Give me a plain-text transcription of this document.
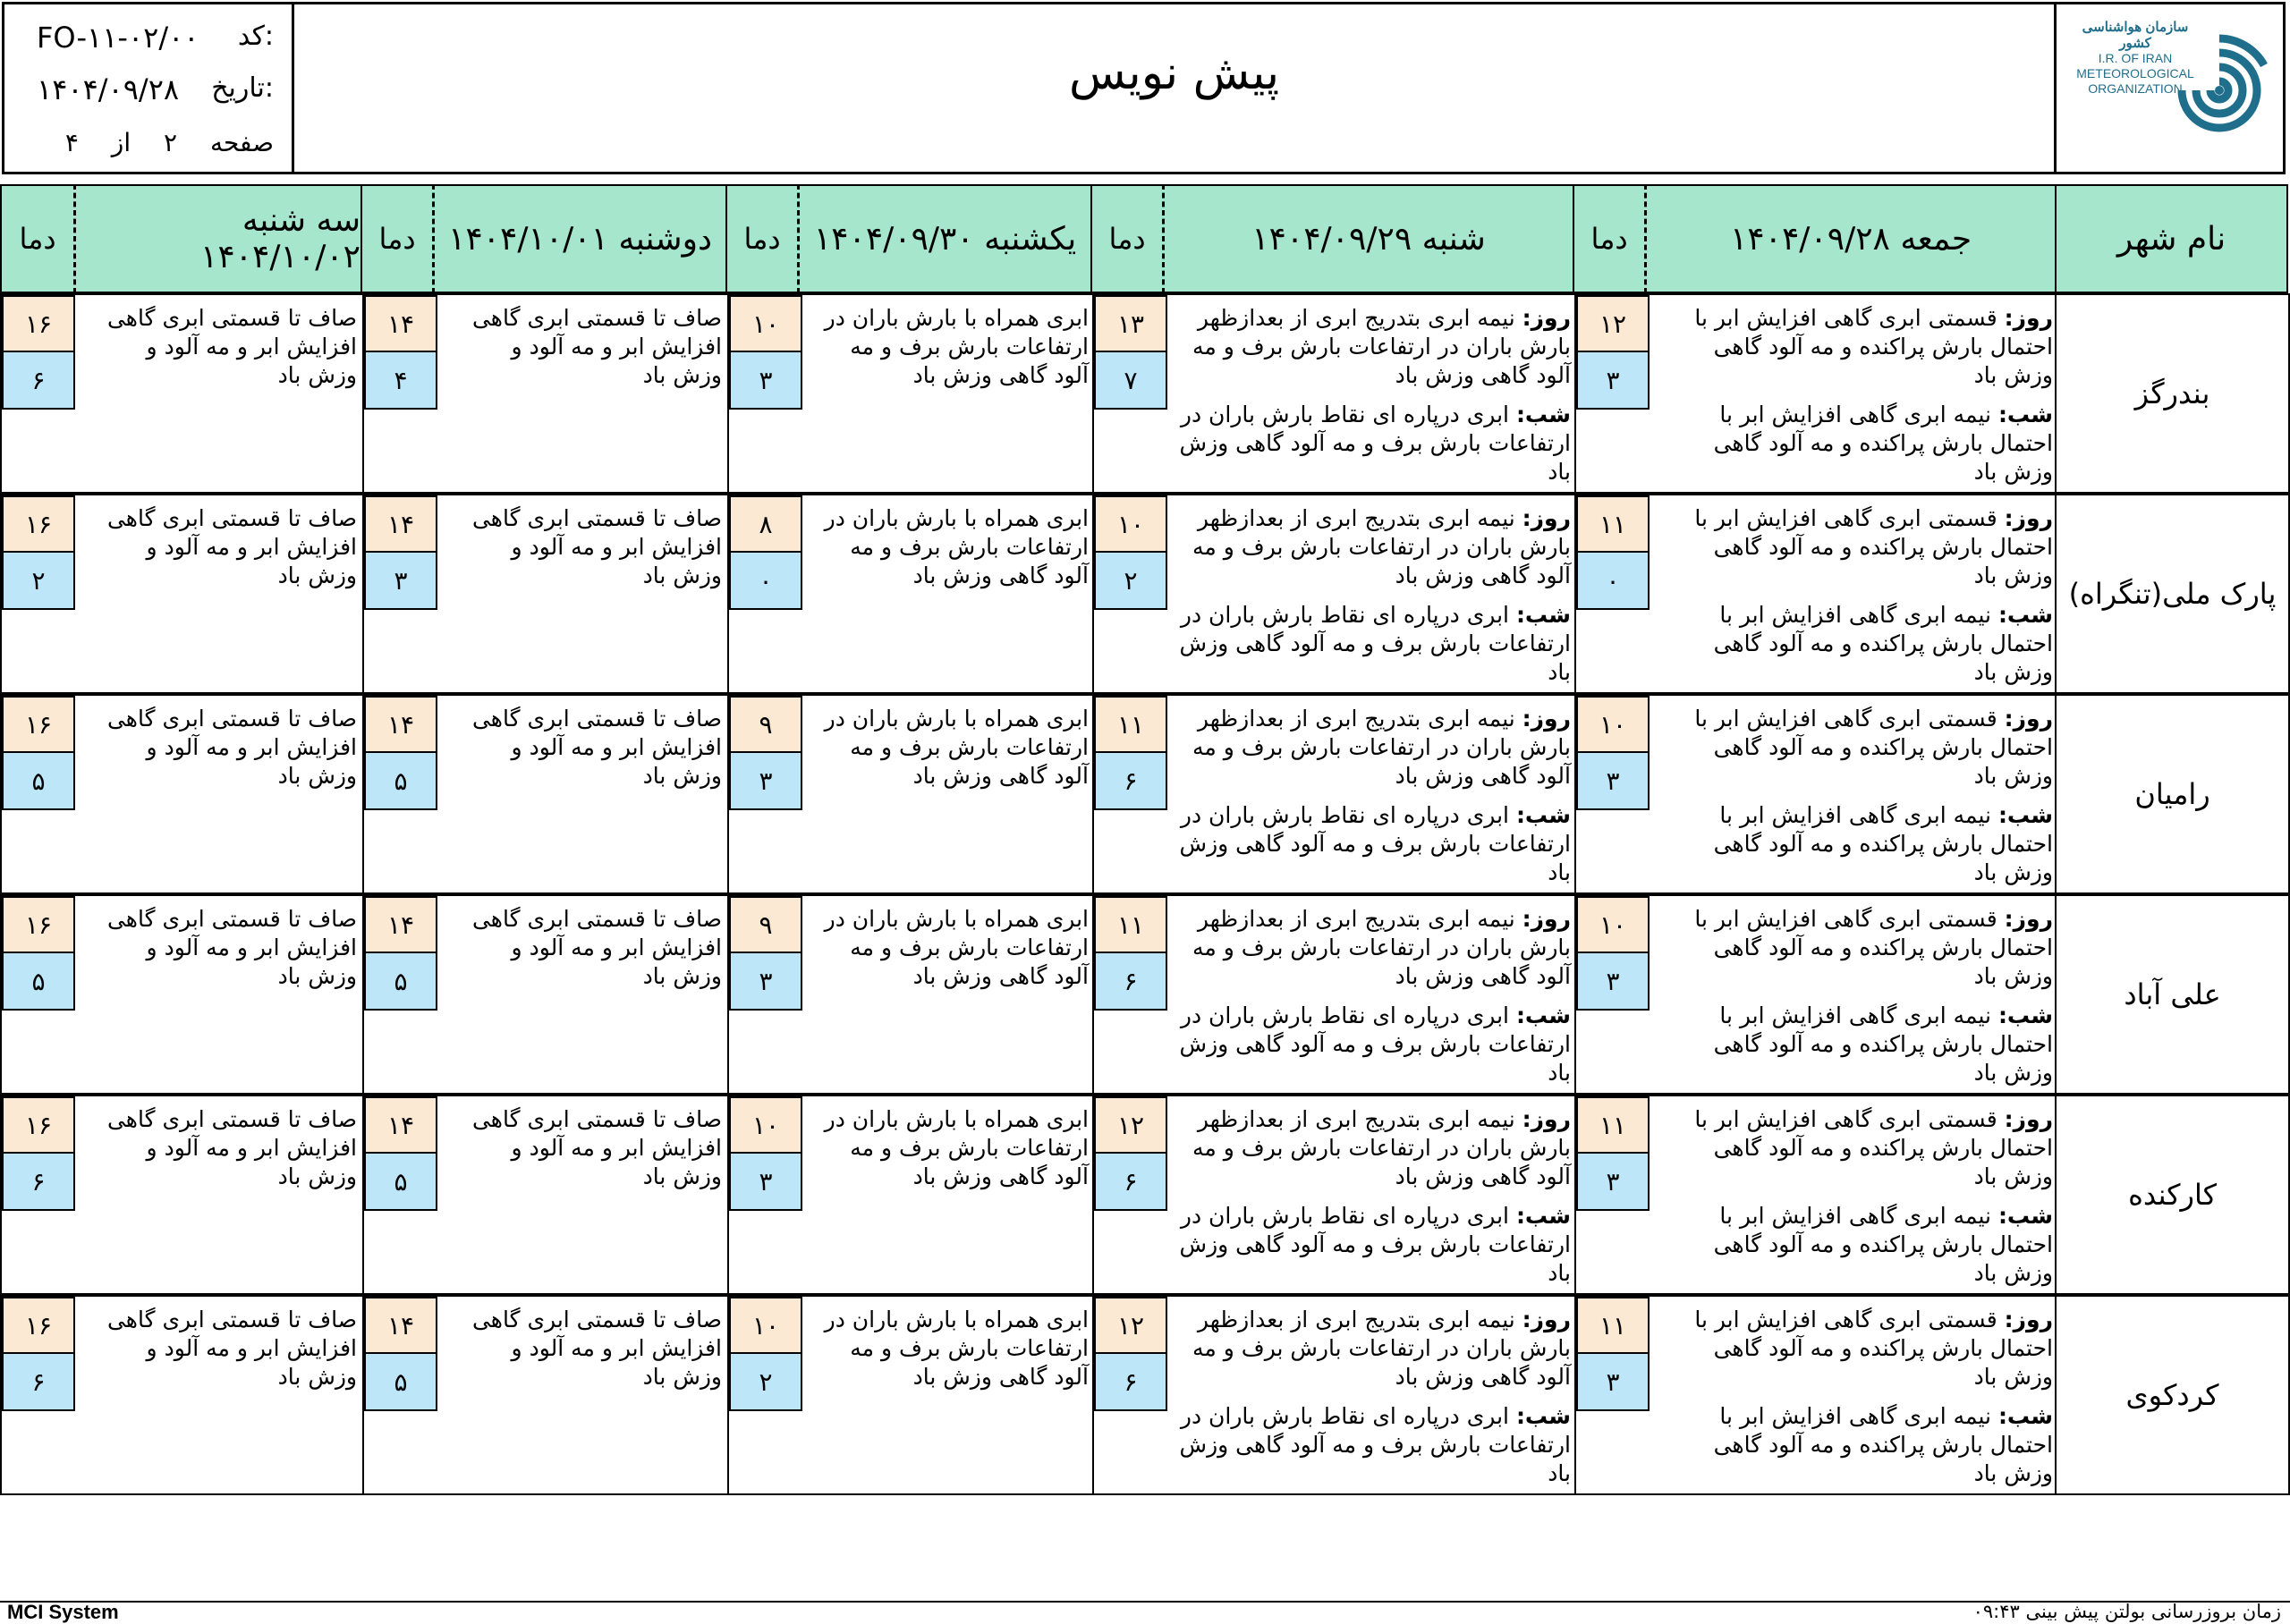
کد:
FO-۱۱-۰۲/۰۰
تاریخ:
۱۴۰۴/۰۹/۲۸
صفحه ۲ از ۴
پیش نویس
سازمان هواشناسی کشور
I.R. OF IRAN
METEOROLOGICAL
ORGANIZATION
نام شهر
جمعه ۱۴۰۴/۰۹/۲۸
دما
شنبه ۱۴۰۴/۰۹/۲۹
دما
یکشنبه ۱۴۰۴/۰۹/۳۰
دما
دوشنبه ۱۴۰۴/۱۰/۰۱
دما
سه شنبه ۱۴۰۴/۱۰/۰۲
دما
بندرگز
روز: قسمتی ابری گاهی افزایش ابر با احتمال بارش پراکنده و مه آلود گاهی وزش باد
شب: نیمه ابری گاهی افزایش ابر با احتمال بارش پراکنده و مه آلود گاهی وزش باد
۱۲
۳
روز: نیمه ابری بتدریج ابری از بعدازظهر بارش باران در ارتفاعات بارش برف و مه آلود گاهی وزش باد
شب: ابری درپاره ای نقاط بارش باران در ارتفاعات بارش برف و مه آلود گاهی وزش باد
۱۳
۷
ابری همراه با بارش باران در ارتفاعات بارش برف و مه آلود گاهی وزش باد
۱۰
۳
صاف تا قسمتی ابری گاهی افزایش ابر و مه آلود و وزش باد
۱۴
۴
صاف تا قسمتی ابری گاهی افزایش ابر و مه آلود و وزش باد
۱۶
۶
پارک ملی(تنگراه)
روز: قسمتی ابری گاهی افزایش ابر با احتمال بارش پراکنده و مه آلود گاهی وزش باد
شب: نیمه ابری گاهی افزایش ابر با احتمال بارش پراکنده و مه آلود گاهی وزش باد
۱۱
۰
روز: نیمه ابری بتدریج ابری از بعدازظهر بارش باران در ارتفاعات بارش برف و مه آلود گاهی وزش باد
شب: ابری درپاره ای نقاط بارش باران در ارتفاعات بارش برف و مه آلود گاهی وزش باد
۱۰
۲
ابری همراه با بارش باران در ارتفاعات بارش برف و مه آلود گاهی وزش باد
۸
۰
صاف تا قسمتی ابری گاهی افزایش ابر و مه آلود و وزش باد
۱۴
۳
صاف تا قسمتی ابری گاهی افزایش ابر و مه آلود و وزش باد
۱۶
۲
رامیان
روز: قسمتی ابری گاهی افزایش ابر با احتمال بارش پراکنده و مه آلود گاهی وزش باد
شب: نیمه ابری گاهی افزایش ابر با احتمال بارش پراکنده و مه آلود گاهی وزش باد
۱۰
۳
روز: نیمه ابری بتدریج ابری از بعدازظهر بارش باران در ارتفاعات بارش برف و مه آلود گاهی وزش باد
شب: ابری درپاره ای نقاط بارش باران در ارتفاعات بارش برف و مه آلود گاهی وزش باد
۱۱
۶
ابری همراه با بارش باران در ارتفاعات بارش برف و مه آلود گاهی وزش باد
۹
۳
صاف تا قسمتی ابری گاهی افزایش ابر و مه آلود و وزش باد
۱۴
۵
صاف تا قسمتی ابری گاهی افزایش ابر و مه آلود و وزش باد
۱۶
۵
علی آباد
روز: قسمتی ابری گاهی افزایش ابر با احتمال بارش پراکنده و مه آلود گاهی وزش باد
شب: نیمه ابری گاهی افزایش ابر با احتمال بارش پراکنده و مه آلود گاهی وزش باد
۱۰
۳
روز: نیمه ابری بتدریج ابری از بعدازظهر بارش باران در ارتفاعات بارش برف و مه آلود گاهی وزش باد
شب: ابری درپاره ای نقاط بارش باران در ارتفاعات بارش برف و مه آلود گاهی وزش باد
۱۱
۶
ابری همراه با بارش باران در ارتفاعات بارش برف و مه آلود گاهی وزش باد
۹
۳
صاف تا قسمتی ابری گاهی افزایش ابر و مه آلود و وزش باد
۱۴
۵
صاف تا قسمتی ابری گاهی افزایش ابر و مه آلود و وزش باد
۱۶
۵
کارکنده
روز: قسمتی ابری گاهی افزایش ابر با احتمال بارش پراکنده و مه آلود گاهی وزش باد
شب: نیمه ابری گاهی افزایش ابر با احتمال بارش پراکنده و مه آلود گاهی وزش باد
۱۱
۳
روز: نیمه ابری بتدریج ابری از بعدازظهر بارش باران در ارتفاعات بارش برف و مه آلود گاهی وزش باد
شب: ابری درپاره ای نقاط بارش باران در ارتفاعات بارش برف و مه آلود گاهی وزش باد
۱۲
۶
ابری همراه با بارش باران در ارتفاعات بارش برف و مه آلود گاهی وزش باد
۱۰
۳
صاف تا قسمتی ابری گاهی افزایش ابر و مه آلود و وزش باد
۱۴
۵
صاف تا قسمتی ابری گاهی افزایش ابر و مه آلود و وزش باد
۱۶
۶
کردکوی
روز: قسمتی ابری گاهی افزایش ابر با احتمال بارش پراکنده و مه آلود گاهی وزش باد
شب: نیمه ابری گاهی افزایش ابر با احتمال بارش پراکنده و مه آلود گاهی وزش باد
۱۱
۳
روز: نیمه ابری بتدریج ابری از بعدازظهر بارش باران در ارتفاعات بارش برف و مه آلود گاهی وزش باد
شب: ابری درپاره ای نقاط بارش باران در ارتفاعات بارش برف و مه آلود گاهی وزش باد
۱۲
۶
ابری همراه با بارش باران در ارتفاعات بارش برف و مه آلود گاهی وزش باد
۱۰
۲
صاف تا قسمتی ابری گاهی افزایش ابر و مه آلود و وزش باد
۱۴
۵
صاف تا قسمتی ابری گاهی افزایش ابر و مه آلود و وزش باد
۱۶
۶
MCI System	زمان بروزرسانی بولتن پیش بینی ۰۹:۴۳
